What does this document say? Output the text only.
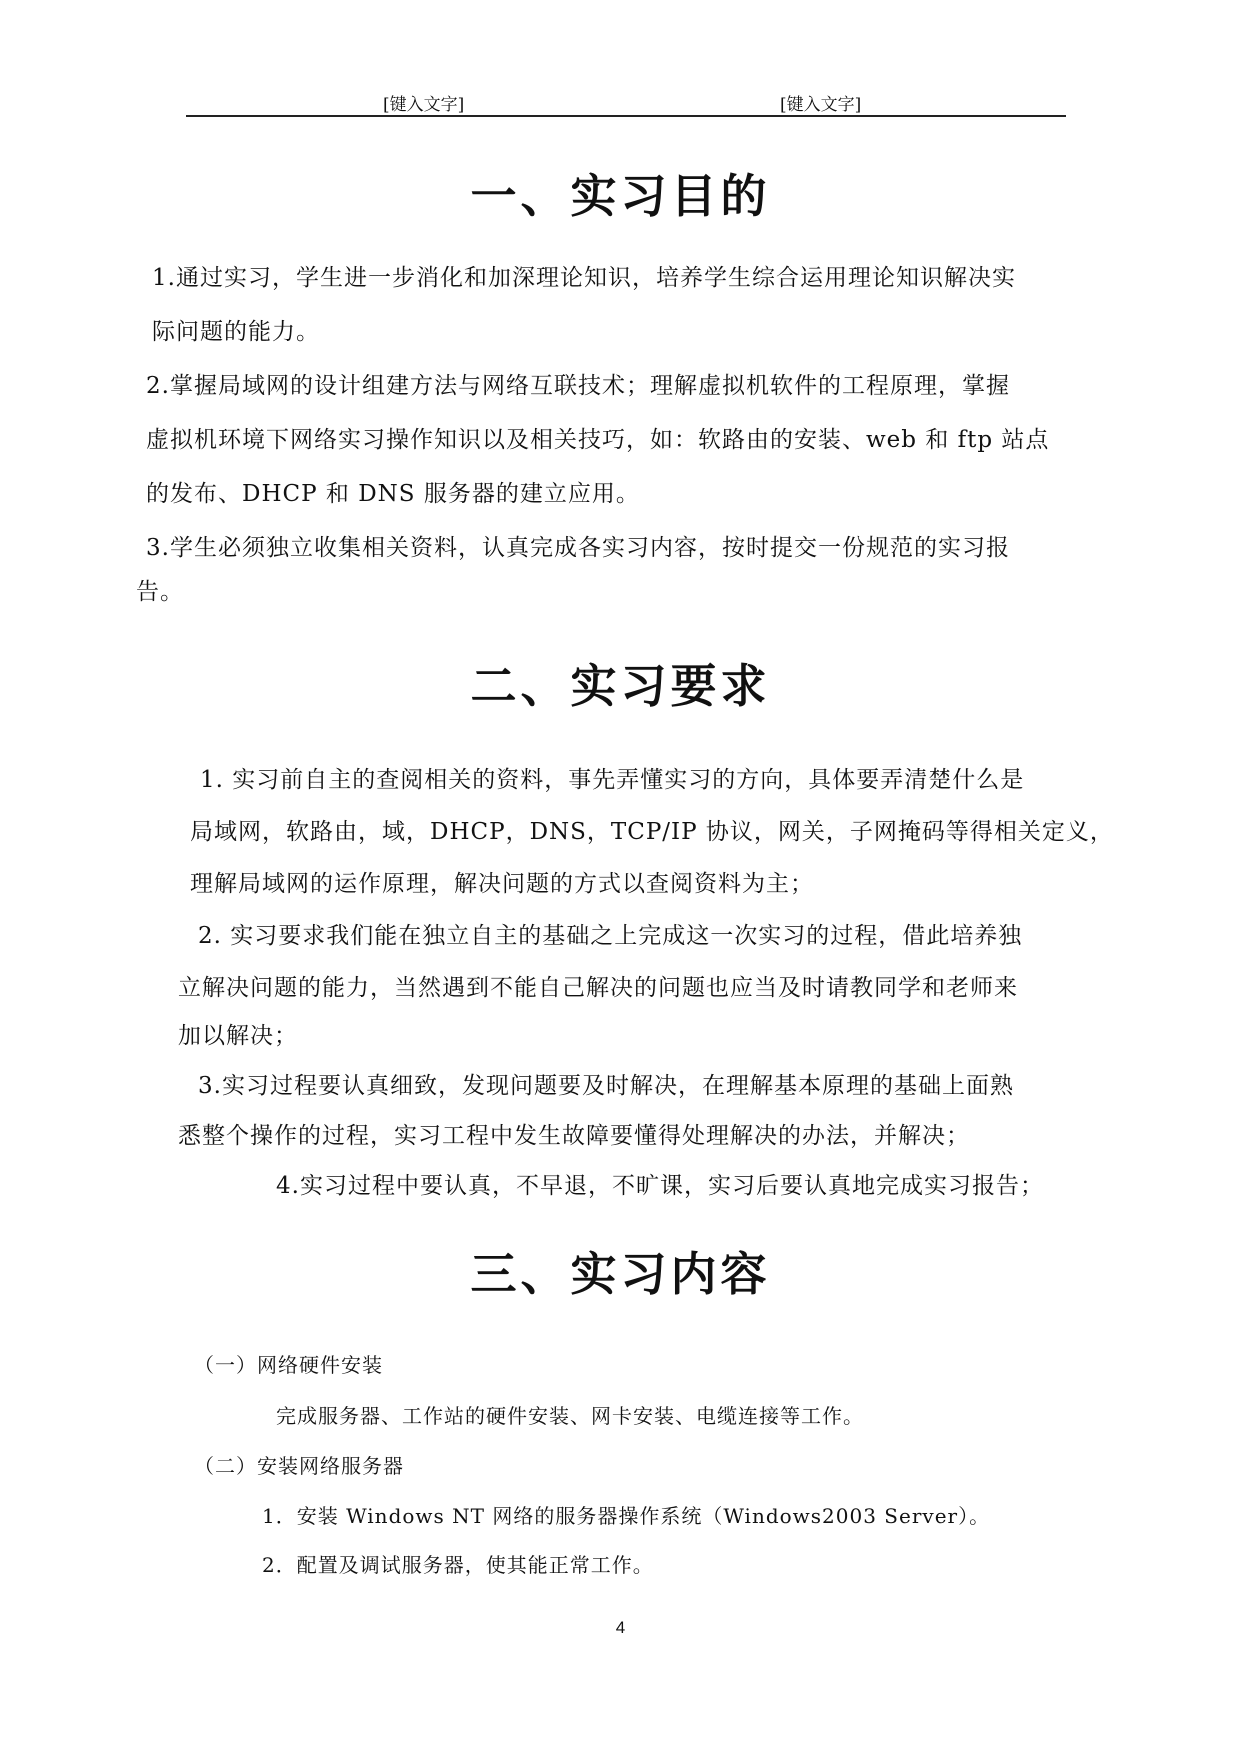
[键入文字]	[键入文字]
一、实习目的
1.通过实习，学生进一步消化和加深理论知识，培养学生综合运用理论知识解决实
际问题的能力。
2.掌握局域网的设计组建方法与网络互联技术；理解虚拟机软件的工程原理，掌握
虚拟机环境下网络实习操作知识以及相关技巧，如：软路由的安装、web 和 ftp 站点
的发布、DHCP 和 DNS 服务器的建立应用。
3.学生必须独立收集相关资料，认真完成各实习内容，按时提交一份规范的实习报
告。
二、实习要求
1. 实习前自主的查阅相关的资料，事先弄懂实习的方向，具体要弄清楚什么是
局域网，软路由，域，DHCP，DNS，TCP/IP 协议，网关，子网掩码等得相关定义，
理解局域网的运作原理，解决问题的方式以查阅资料为主；
2. 实习要求我们能在独立自主的基础之上完成这一次实习的过程，借此培养独
立解决问题的能力，当然遇到不能自己解决的问题也应当及时请教同学和老师来
加以解决；
3.实习过程要认真细致，发现问题要及时解决，在理解基本原理的基础上面熟
悉整个操作的过程，实习工程中发生故障要懂得处理解决的办法，并解决；
4.实习过程中要认真，不早退，不旷课，实习后要认真地完成实习报告；
三、实习内容
（一）网络硬件安装
完成服务器、工作站的硬件安装、网卡安装、电缆连接等工作。
（二）安装网络服务器
1．安装 Windows NT 网络的服务器操作系统（Windows2003 Server）。
2．配置及调试服务器，使其能正常工作。
4
